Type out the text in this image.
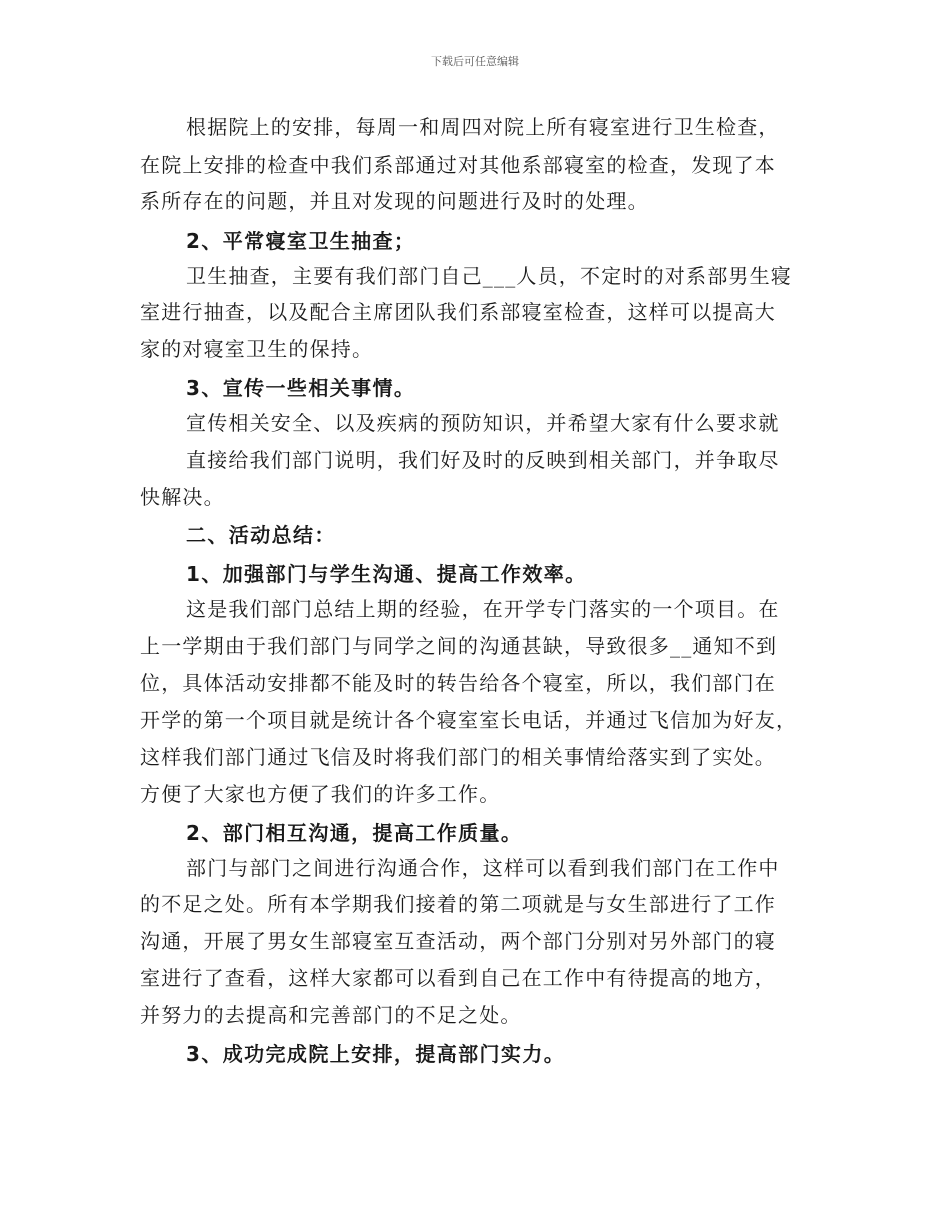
下载后可任意编辑

根据院上的安排，每周一和周四对院上所有寝室进行卫生检查，

在院上安排的检查中我们系部通过对其他系部寝室的检查，发现了本

系所存在的问题，并且对发现的问题进行及时的处理。

2、平常寝室卫生抽查；

卫生抽查，主要有我们部门自己___人员，不定时的对系部男生寝

室进行抽查，以及配合主席团队我们系部寝室检查，这样可以提高大

家的对寝室卫生的保持。

3、宣传一些相关事情。

宣传相关安全、以及疾病的预防知识，并希望大家有什么要求就

直接给我们部门说明，我们好及时的反映到相关部门，并争取尽

快解决。

二、活动总结：

1、加强部门与学生沟通、提高工作效率。

这是我们部门总结上期的经验，在开学专门落实的一个项目。在

上一学期由于我们部门与同学之间的沟通甚缺，导致很多__通知不到

位，具体活动安排都不能及时的转告给各个寝室，所以，我们部门在

开学的第一个项目就是统计各个寝室室长电话，并通过飞信加为好友，

这样我们部门通过飞信及时将我们部门的相关事情给落实到了实处。

方便了大家也方便了我们的许多工作。

2、部门相互沟通，提高工作质量。

部门与部门之间进行沟通合作，这样可以看到我们部门在工作中

的不足之处。所有本学期我们接着的第二项就是与女生部进行了工作

沟通，开展了男女生部寝室互查活动，两个部门分别对另外部门的寝

室进行了查看，这样大家都可以看到自己在工作中有待提高的地方，

并努力的去提高和完善部门的不足之处。

3、成功完成院上安排，提高部门实力。
